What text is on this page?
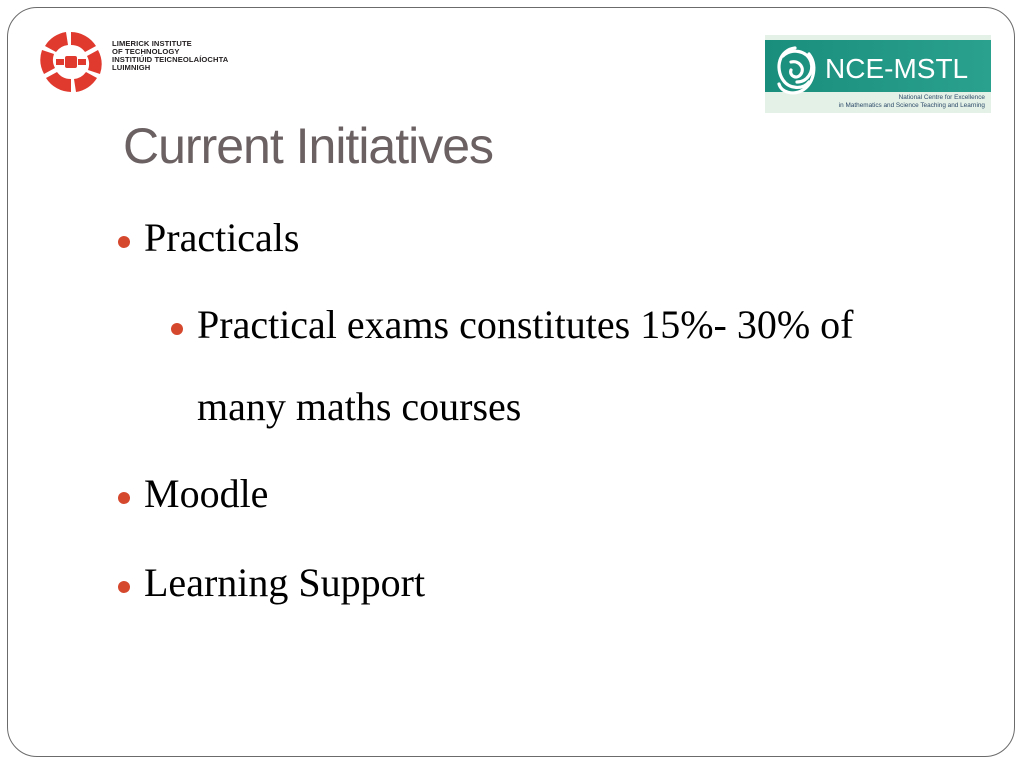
LIMERICK INSTITUTE
OF TECHNOLOGY
INSTITIÚID TEICNEOLAÍOCHTA
LUIMNIGH	NCE-MSTL
National Centre for Excellence
in Mathematics and Science Teaching and Learning
Current Initiatives
Practicals
Practical exams constitutes 15%- 30% of
many maths courses
Moodle
Learning Support
